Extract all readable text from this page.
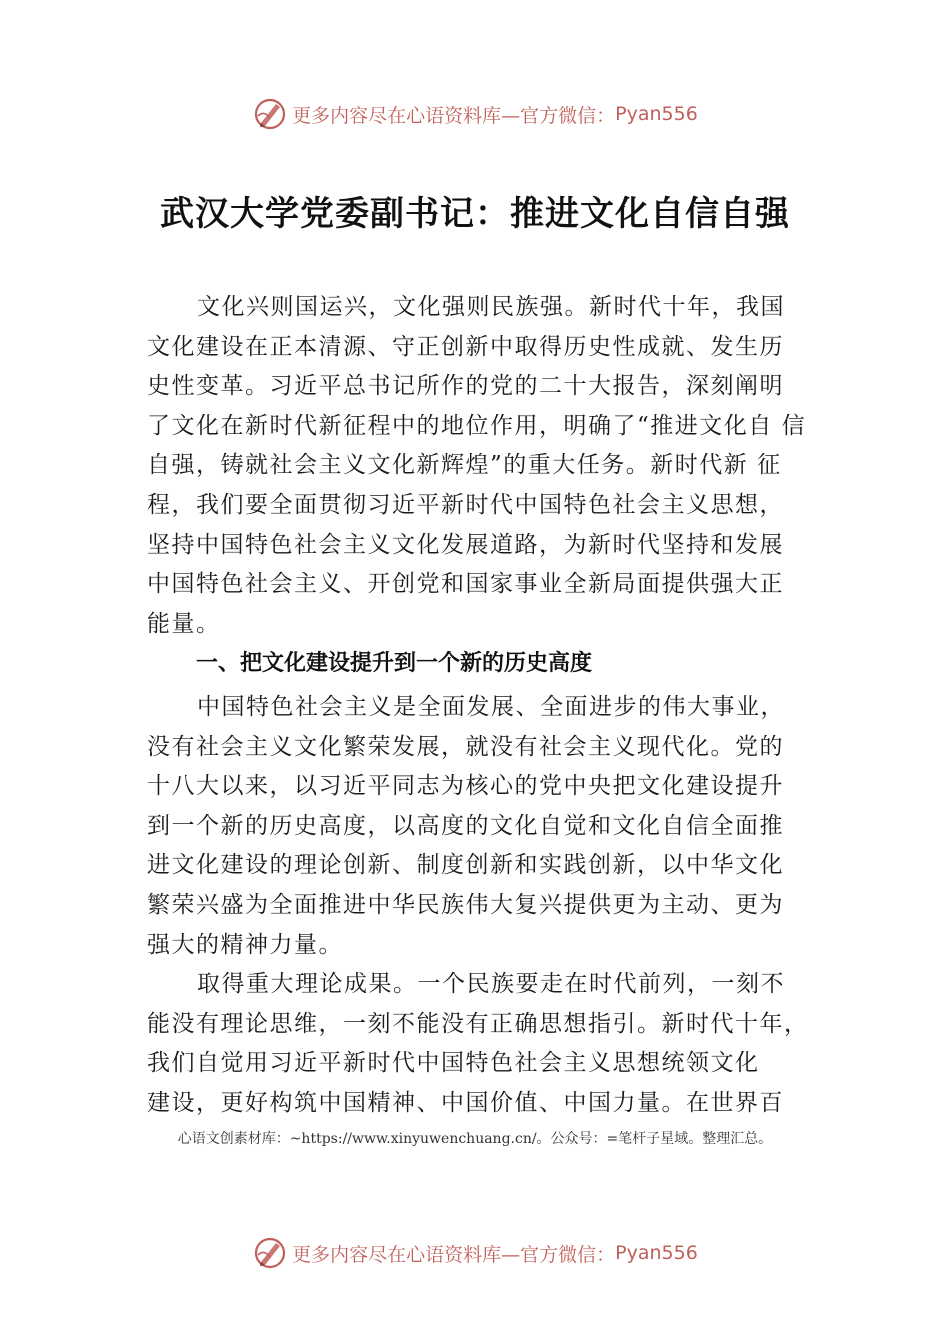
更多内容尽在心语资料库—官方微信： Pyan556
武汉大学党委副书记：推进文化自信自强
文化兴则国运兴，文化强则民族强。新时代十年，我国
文化建设在正本清源、守正创新中取得历史性成就、发生历
史性变革。习近平总书记所作的党的二十大报告，深刻阐明
了文化在新时代新征程中的地位作用，明确了“推进文化自 信
自强，铸就社会主义文化新辉煌”的重大任务。新时代新 征
程，我们要全面贯彻习近平新时代中国特色社会主义思想，
坚持中国特色社会主义文化发展道路，为新时代坚持和发展
中国特色社会主义、开创党和国家事业全新局面提供强大正
能量。
一、把文化建设提升到一个新的历史高度
中国特色社会主义是全面发展、全面进步的伟大事业，
没有社会主义文化繁荣发展，就没有社会主义现代化。党的
十八大以来，以习近平同志为核心的党中央把文化建设提升
到一个新的历史高度，以高度的文化自觉和文化自信全面推
进文化建设的理论创新、制度创新和实践创新，以中华文化
繁荣兴盛为全面推进中华民族伟大复兴提供更为主动、更为
强大的精神力量。
取得重大理论成果。一个民族要走在时代前列，一刻不
能没有理论思维，一刻不能没有正确思想指引。新时代十年，
我们自觉用习近平新时代中国特色社会主义思想统领文化
建设，更好构筑中国精神、中国价值、中国力量。在世界百
心语文创素材库：~https://www.xinyuwenchuang.cn/。公众号：=笔杆子星域。整理汇总。
更多内容尽在心语资料库—官方微信： Pyan556
